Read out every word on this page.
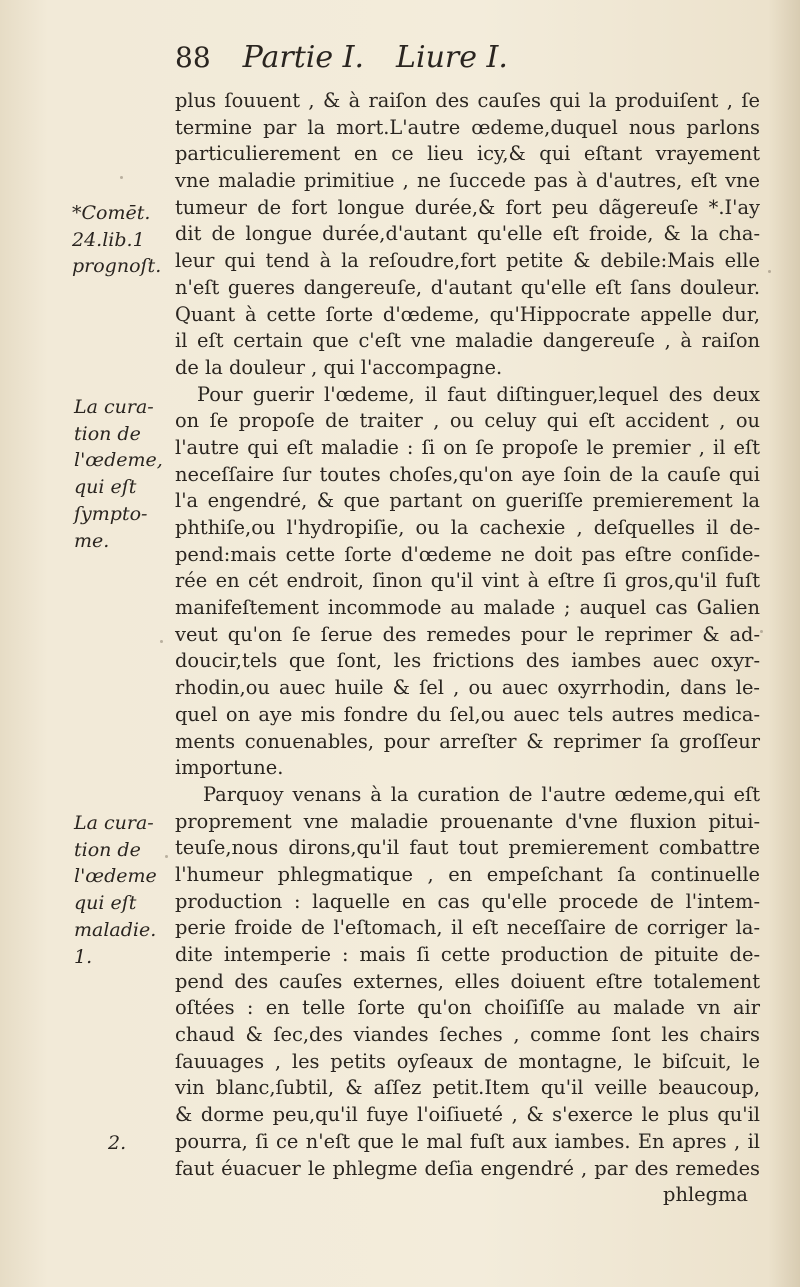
88 Partie I. Liure I.
*Comēt.
24.lib.1
prognoſt.
La cura-
tion de
l'œdeme,
qui eſt
ſympto-
me.
La cura-
tion de
l'œdeme
qui eſt
maladie.
1.
2.
plus ſouuent , & à raiſon des cauſes qui la produiſent , ſe
termine par la mort.L'autre œdeme,duquel nous parlons
particulierement en ce lieu icy,& qui eſtant vrayement
vne maladie primitiue , ne ſuccede pas à d'autres, eſt vne
tumeur de fort longue durée,& fort peu dãgereuſe *.I'ay
dit de longue durée,d'autant qu'elle eſt froide, & la cha-
leur qui tend à la reſoudre,fort petite & debile:Mais elle
n'eſt gueres dangereuſe, d'autant qu'elle eſt ſans douleur.
Quant à cette ſorte d'œdeme, qu'Hippocrate appelle dur,
il eſt certain que c'eſt vne maladie dangereuſe , à raiſon
de la douleur , qui l'accompagne.
Pour guerir l'œdeme, il faut diſtinguer,lequel des deux
on ſe propoſe de traiter , ou celuy qui eſt accident , ou
l'autre qui eſt maladie : ſi on ſe propoſe le premier , il eſt
neceſſaire ſur toutes choſes,qu'on aye ſoin de la cauſe qui
l'a engendré, & que partant on gueriſſe premierement la
phthiſe,ou l'hydropiſie, ou la cachexie , deſquelles il de-
pend:mais cette ſorte d'œdeme ne doit pas eſtre conſide-
rée en cét endroit, ſinon qu'il vint à eſtre ſi gros,qu'il fuſt
manifeſtement incommode au malade ; auquel cas Galien
veut qu'on ſe ſerue des remedes pour le reprimer & ad-
doucir,tels que ſont, les frictions des iambes auec oxyr-
rhodin,ou auec huile & ſel , ou auec oxyrrhodin, dans le-
quel on aye mis fondre du ſel,ou auec tels autres medica-
ments conuenables, pour arreſter & reprimer ſa groſſeur
importune.
Parquoy venans à la curation de l'autre œdeme,qui eſt
proprement vne maladie prouenante d'vne fluxion pitui-
teuſe,nous dirons,qu'il faut tout premierement combattre
l'humeur phlegmatique , en empeſchant ſa continuelle
production : laquelle en cas qu'elle procede de l'intem-
perie froide de l'eſtomach, il eſt neceſſaire de corriger la-
dite intemperie : mais ſi cette production de pituite de-
pend des cauſes externes, elles doiuent eſtre totalement
oſtées : en telle ſorte qu'on choiſiſſe au malade vn air
chaud & ſec,des viandes ſeches , comme ſont les chairs
ſauuages , les petits oyſeaux de montagne, le biſcuit, le
vin blanc,ſubtil, & aſſez petit.Item qu'il veille beaucoup,
& dorme peu,qu'il fuye l'oiſiueté , & s'exerce le plus qu'il
pourra, ſi ce n'eſt que le mal fuſt aux iambes. En apres , il
faut éuacuer le phlegme deſia engendré , par des remedes
phlegma
